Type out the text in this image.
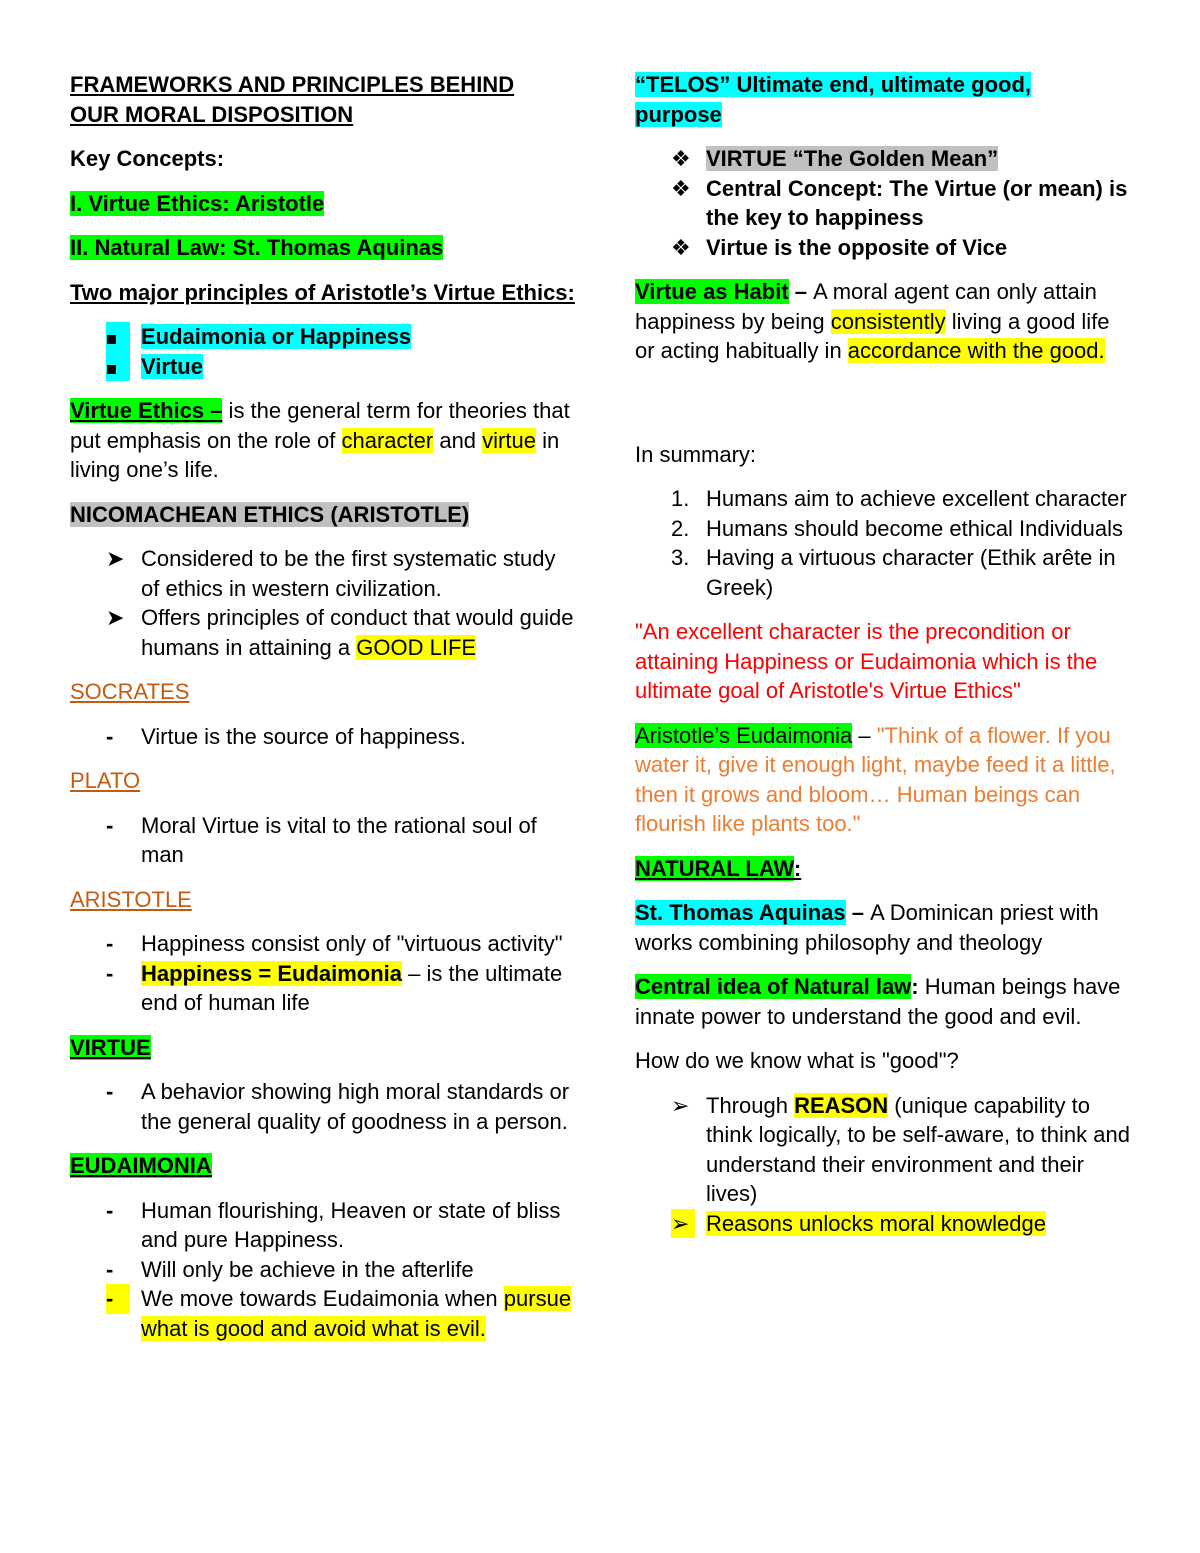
FRAMEWORKS AND PRINCIPLES BEHIND
OUR MORAL DISPOSITION

Key Concepts:

I. Virtue Ethics: Aristotle

II. Natural Law: St. Thomas Aquinas

Two major principles of Aristotle’s Virtue Ethics:

Eudaimonia or Happiness
Virtue

Virtue Ethics – is the general term for theories that put emphasis on the role of character and virtue in living one’s life.

NICOMACHEAN ETHICS (ARISTOTLE)

➤ Considered to be the first systematic study of ethics in western civilization.
➤ Offers principles of conduct that would guide humans in attaining a GOOD LIFE

SOCRATES

-	Virtue is the source of happiness.

PLATO

-	Moral Virtue is vital to the rational soul of man

ARISTOTLE

-	Happiness consist only of "virtuous activity"
-	Happiness = Eudaimonia – is the ultimate end of human life

VIRTUE

-	A behavior showing high moral standards or the general quality of goodness in a person.

EUDAIMONIA

-	Human flourishing, Heaven or state of bliss and pure Happiness.
-	Will only be achieve in the afterlife
-	We move towards Eudaimonia when pursue what is good and avoid what is evil.

“TELOS” Ultimate end, ultimate good,
purpose

❖ VIRTUE “The Golden Mean”
❖ Central Concept: The Virtue (or mean) is the key to happiness
❖ Virtue is the opposite of Vice

Virtue as Habit – A moral agent can only attain happiness by being consistently living a good life or acting habitually in accordance with the good.

In summary:

1. Humans aim to achieve excellent character
2. Humans should become ethical Individuals
3. Having a virtuous character (Ethik arête in Greek)

"An excellent character is the precondition or attaining Happiness or Eudaimonia which is the ultimate goal of Aristotle's Virtue Ethics"

Aristotle’s Eudaimonia – "Think of a flower. If you water it, give it enough light, maybe feed it a little, then it grows and bloom… Human beings can flourish like plants too."

NATURAL LAW:

St. Thomas Aquinas – A Dominican priest with works combining philosophy and theology

Central idea of Natural law: Human beings have innate power to understand the good and evil.

How do we know what is "good"?

➢ Through REASON (unique capability to think logically, to be self-aware, to think and understand their environment and their lives)
➢ Reasons unlocks moral knowledge
